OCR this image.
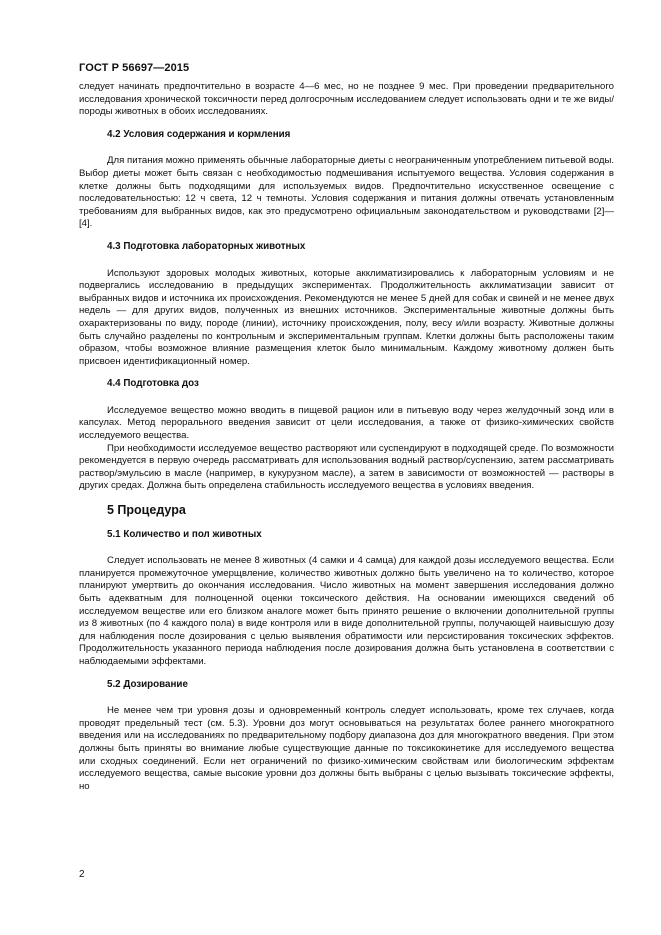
ГОСТ Р 56697—2015

следует начинать предпочтительно в возрасте 4—6 мес, но не позднее 9 мес. При проведении предварительного исследования хронической токсичности перед долгосрочным исследованием следует использовать одни и те же виды/породы животных в обоих исследованиях.

4.2 Условия содержания и кормления

Для питания можно применять обычные лабораторные диеты с неограниченным употреблением питьевой воды. Выбор диеты может быть связан с необходимостью подмешивания испытуемого вещества. Условия содержания в клетке должны быть подходящими для используемых видов. Предпочтительно искусственное освещение с последовательностью: 12 ч света, 12 ч темноты. Условия содержания и питания должны отвечать установленным требованиям для выбранных видов, как это предусмотрено официальным законодательством и руководствами [2]—[4].

4.3 Подготовка лабораторных животных

Используют здоровых молодых животных, которые акклиматизировались к лабораторным условиям и не подвергались исследованию в предыдущих экспериментах. Продолжительность акклиматизации зависит от выбранных видов и источника их происхождения. Рекомендуются не менее 5 дней для собак и свиней и не менее двух недель — для других видов, полученных из внешних источников. Экспериментальные животные должны быть охарактеризованы по виду, породе (линии), источнику происхождения, полу, весу и/или возрасту. Животные должны быть случайно разделены по контрольным и экспериментальным группам. Клетки должны быть расположены таким образом, чтобы возможное влияние размещения клеток было минимальным. Каждому животному должен быть присвоен идентификационный номер.

4.4 Подготовка доз

Исследуемое вещество можно вводить в пищевой рацион или в питьевую воду через желудочный зонд или в капсулах. Метод перорального введения зависит от цели исследования, а также от физико-химических свойств исследуемого вещества.

При необходимости исследуемое вещество растворяют или суспендируют в подходящей среде. По возможности рекомендуется в первую очередь рассматривать для использования водный раствор/суспензию, затем рассматривать раствор/эмульсию в масле (например, в кукурузном масле), а затем в зависимости от возможностей — растворы в других средах. Должна быть определена стабильность исследуемого вещества в условиях введения.

5 Процедура
5.1 Количество и пол животных

Следует использовать не менее 8 животных (4 самки и 4 самца) для каждой дозы исследуемого вещества. Если планируется промежуточное умерщвление, количество животных должно быть увеличено на то количество, которое планируют умертвить до окончания исследования. Число животных на момент завершения исследования должно быть адекватным для полноценной оценки токсического действия. На основании имеющихся сведений об исследуемом веществе или его близком аналоге может быть принято решение о включении дополнительной группы из 8 животных (по 4 каждого пола) в виде контроля или в виде дополнительной группы, получающей наивысшую дозу для наблюдения после дозирования с целью выявления обратимости или персистирования токсических эффектов. Продолжительность указанного периода наблюдения после дозирования должна быть установлена в соответствии с наблюдаемыми эффектами.

5.2 Дозирование

Не менее чем три уровня дозы и одновременный контроль следует использовать, кроме тех случаев, когда проводят предельный тест (см. 5.3). Уровни доз могут основываться на результатах более раннего многократного введения или на исследованиях по предварительному подбору диапазона доз для многократного введения. При этом должны быть приняты во внимание любые существующие данные по токсикокинетике для исследуемого вещества или сходных соединений. Если нет ограничений по физико-химическим свойствам или биологическим эффектам исследуемого вещества, самые высокие уровни доз должны быть выбраны с целью вызывать токсические эффекты, но

2
